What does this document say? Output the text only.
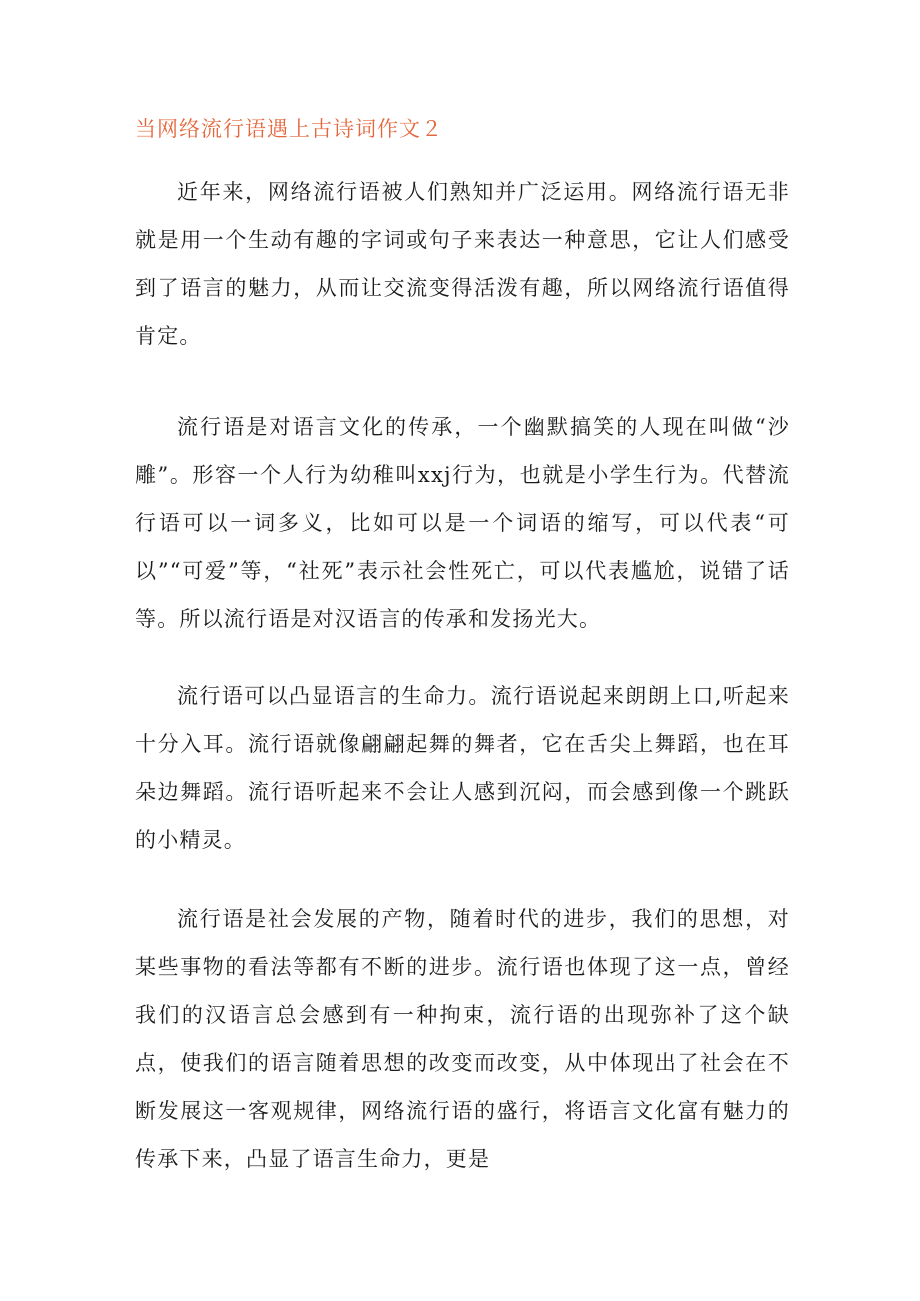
当网络流行语遇上古诗词作文２

近年来，网络流行语被人们熟知并广泛运用。网络流行语无非就是用一个生动有趣的字词或句子来表达一种意思，它让人们感受到了语言的魅力，从而让交流变得活泼有趣，所以网络流行语值得肯定。

流行语是对语言文化的传承，一个幽默搞笑的人现在叫做“沙雕”。形容一个人行为幼稚叫xxj行为，也就是小学生行为。代替流行语可以一词多义，比如可以是一个词语的缩写，可以代表“可以”“可爱”等，“社死”表示社会性死亡，可以代表尴尬，说错了话等。所以流行语是对汉语言的传承和发扬光大。

流行语可以凸显语言的生命力。流行语说起来朗朗上口,听起来十分入耳。流行语就像翩翩起舞的舞者，它在舌尖上舞蹈，也在耳朵边舞蹈。流行语听起来不会让人感到沉闷，而会感到像一个跳跃的小精灵。

流行语是社会发展的产物，随着时代的进步，我们的思想，对某些事物的看法等都有不断的进步。流行语也体现了这一点，曾经我们的汉语言总会感到有一种拘束，流行语的出现弥补了这个缺点，使我们的语言随着思想的改变而改变，从中体现出了社会在不断发展这一客观规律，网络流行语的盛行，将语言文化富有魅力的传承下来，凸显了语言生命力，更是
